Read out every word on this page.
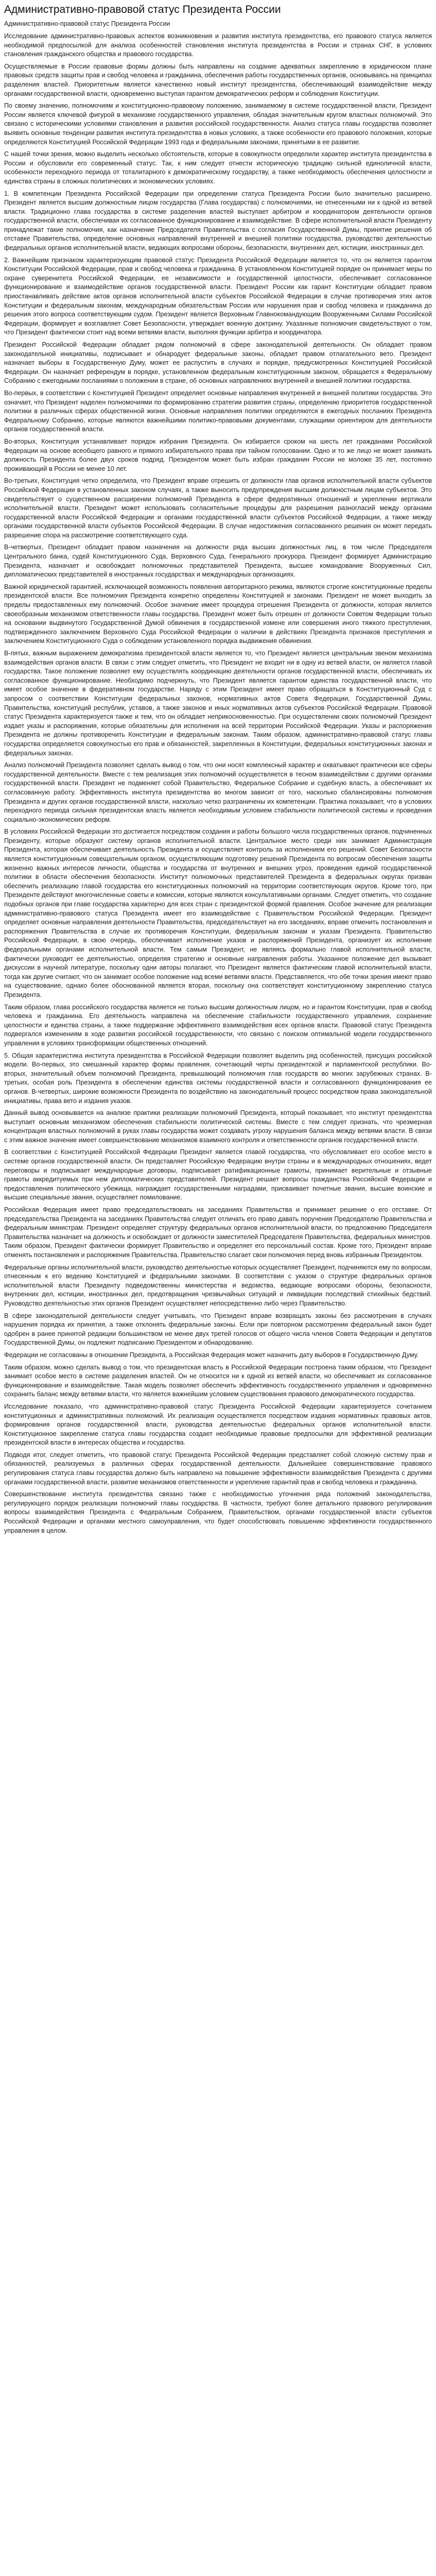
Административно-правовой статус Президента России
Административно-правовой статус Президента России

Исследование административно-правовых аспектов возникновения и развития института президентства, его правового статуса является необходимой предпосылкой для анализа особенностей становления института президентства в России и странах СНГ, в условиях становления гражданского общества и правового государства.

Осуществляемые в России правовые формы должны быть направлены на создание адекватных закреплению в юридическом плане правовых средств защиты прав и свобод человека и гражданина, обеспечения работы государственных органов, основываясь на принципах разделения властей. Приоритетным является качественно новый институт президентства, обеспечивающий взаимодействие между органами государственной власти, одновременно выступая гарантом демократических реформ и соблюдения Конституции.

По своему значению, полномочиям и конституционно-правовому положению, занимаемому в системе государственной власти, Президент России является ключевой фигурой в механизме государственного управления, обладая значительным кругом властных полномочий. Это связано с историческими условиями становления и развития российской государственности. Анализ статуса главы государства позволяет выявить основные тенденции развития института президентства в новых условиях, а также особенности его правового положения, которые определяются Конституцией Российской Федерации 1993 года и федеральными законами, принятыми в ее развитие.

С нашей точки зрения, можно выделить несколько обстоятельств, которые в совокупности определили характер института президентства в России и обусловили его современный статус. Так, к ним следует отнести историческую традицию сильной единоличной власти, особенности переходного периода от тоталитарного к демократическому государству, а также необходимость обеспечения целостности и единства страны в сложных политических и экономических условиях.

1. В компетенции Президента Российской Федерации при определении статуса Президента России было значительно расширено. Президент является высшим должностным лицом государства (Глава государства) с полномочиями, не отнесенными ни к одной из ветвей власти. Традиционно глава государства в системе разделения властей выступает арбитром и координатором деятельности органов государственной власти, обеспечивая их согласованное функционирование и взаимодействие. В сфере исполнительной власти Президенту принадлежат такие полномочия, как назначение Председателя Правительства с согласия Государственной Думы, принятие решения об отставке Правительства, определение основных направлений внутренней и внешней политики государства, руководство деятельностью федеральных органов исполнительной власти, ведающих вопросами обороны, безопасности, внутренних дел, юстиции, иностранных дел.

2. Важнейшим признаком характеризующим правовой статус Президента Российской Федерации является то, что он является гарантом Конституции Российской Федерации, прав и свобод человека и гражданина. В установленном Конституцией порядке он принимает меры по охране суверенитета Российской Федерации, ее независимости и государственной целостности, обеспечивает согласованное функционирование и взаимодействие органов государственной власти. Президент России как гарант Конституции обладает правом приостанавливать действие актов органов исполнительной власти субъектов Российской Федерации в случае противоречия этих актов Конституции и федеральным законам, международным обязательствам России или нарушения прав и свобод человека и гражданина до решения этого вопроса соответствующим судом. Президент является Верховным Главнокомандующим Вооруженными Силами Российской Федерации, формирует и возглавляет Совет Безопасности, утверждает военную доктрину. Указанные полномочия свидетельствуют о том, что Президент фактически стоит над всеми ветвями власти, выполняя функции арбитра и координатора.

Президент Российской Федерации обладает рядом полномочий в сфере законодательной деятельности. Он обладает правом законодательной инициативы, подписывает и обнародует федеральные законы, обладает правом отлагательного вето. Президент назначает выборы в Государственную Думу, может ее распустить в случаях и порядке, предусмотренных Конституцией Российской Федерации. Он назначает референдум в порядке, установленном федеральным конституционным законом, обращается к Федеральному Собранию с ежегодными посланиями о положении в стране, об основных направлениях внутренней и внешней политики государства.

Во-первых, в соответствии с Конституцией Президент определяет основные направления внутренней и внешней политики государства. Это означает, что Президент наделен полномочиями по формированию стратегии развития страны, определению приоритетов государственной политики в различных сферах общественной жизни. Основные направления политики определяются в ежегодных посланиях Президента Федеральному Собранию, которые являются важнейшими политико-правовыми документами, служащими ориентиром для деятельности органов государственной власти.

Во-вторых, Конституция устанавливает порядок избрания Президента. Он избирается сроком на шесть лет гражданами Российской Федерации на основе всеобщего равного и прямого избирательного права при тайном голосовании. Одно и то же лицо не может занимать должность Президента более двух сроков подряд. Президентом может быть избран гражданин России не моложе 35 лет, постоянно проживающий в России не менее 10 лет.

Во-третьих, Конституция четко определила, что Президент вправе отрешить от должности глав органов исполнительной власти субъектов Российской Федерации в установленных законом случаях, а также выносить предупреждения высшим должностным лицам субъектов. Это свидетельствует о существенном расширении полномочий Президента в сфере федеративных отношений и укреплении вертикали исполнительной власти. Президент может использовать согласительные процедуры для разрешения разногласий между органами государственной власти Российской Федерации и органами государственной власти субъектов Российской Федерации, а также между органами государственной власти субъектов Российской Федерации. В случае недостижения согласованного решения он может передать разрешение спора на рассмотрение соответствующего суда.

В-четвертых, Президент обладает правом назначения на должности ряда высших должностных лиц, в том числе Председателя Центрального банка, судей Конституционного Суда, Верховного Суда, Генерального прокурора. Президент формирует Администрацию Президента, назначает и освобождает полномочных представителей Президента, высшее командование Вооруженных Сил, дипломатических представителей в иностранных государствах и международных организациях.

Важной юридической гарантией, исключающей возможность появления авторитарного режима, являются строгие конституционные пределы президентской власти. Все полномочия Президента конкретно определены Конституцией и законами. Президент не может выходить за пределы предоставленных ему полномочий. Особое значение имеет процедура отрешения Президента от должности, которая является своеобразным механизмом ответственности главы государства. Президент может быть отрешен от должности Советом Федерации только на основании выдвинутого Государственной Думой обвинения в государственной измене или совершения иного тяжкого преступления, подтвержденного заключением Верховного Суда Российской Федерации о наличии в действиях Президента признаков преступления и заключением Конституционного Суда о соблюдении установленного порядка выдвижения обвинения.

В-пятых, важным выражением демократизма президентской власти является то, что Президент является центральным звеном механизма взаимодействия органов власти. В связи с этим следует отметить, что Президент не входит ни в одну из ветвей власти, он является главой государства. Такое положение позволяет ему осуществлять координацию деятельности органов государственной власти, обеспечивать их согласованное функционирование. Необходимо подчеркнуть, что Президент является гарантом единства государственной власти, что имеет особое значение в федеративном государстве. Наряду с этим Президент имеет право обращаться в Конституционный Суд с запросом о соответствии Конституции федеральных законов, нормативных актов Совета Федерации, Государственной Думы, Правительства, конституций республик, уставов, а также законов и иных нормативных актов субъектов Российской Федерации. Правовой статус Президента характеризуется также и тем, что он обладает неприкосновенностью. При осуществлении своих полномочий Президент издает указы и распоряжения, которые обязательны для исполнения на всей территории Российской Федерации. Указы и распоряжения Президента не должны противоречить Конституции и федеральным законам. Таким образом, административно-правовой статус главы государства определяется совокупностью его прав и обязанностей, закрепленных в Конституции, федеральных конституционных законах и федеральных законах.

Анализ полномочий Президента позволяет сделать вывод о том, что они носят комплексный характер и охватывают практически все сферы государственной деятельности. Вместе с тем реализация этих полномочий осуществляется в тесном взаимодействии с другими органами государственной власти. Президент не подменяет собой Правительство, Федеральное Собрание и судебную власть, а обеспечивает их согласованную работу. Эффективность института президентства во многом зависит от того, насколько сбалансированы полномочия Президента и других органов государственной власти, насколько четко разграничены их компетенции. Практика показывает, что в условиях переходного периода сильная президентская власть является необходимым условием стабильности политической системы и проведения социально-экономических реформ.

В условиях Российской Федерации это достигается посредством создания и работы большого числа государственных органов, подчиненных Президенту, которые образуют систему органов исполнительной власти. Центральное место среди них занимает Администрация Президента, которая обеспечивает деятельность Президента и осуществляет контроль за исполнением его решений. Совет Безопасности является конституционным совещательным органом, осуществляющим подготовку решений Президента по вопросам обеспечения защиты жизненно важных интересов личности, общества и государства от внутренних и внешних угроз, проведения единой государственной политики в области обеспечения безопасности. Институт полномочных представителей Президента в федеральных округах призван обеспечить реализацию главой государства его конституционных полномочий на территории соответствующих округов. Кроме того, при Президенте действуют многочисленные советы и комиссии, которые являются консультативными органами. Следует отметить, что создание подобных органов при главе государства характерно для всех стран с президентской формой правления. Особое значение для реализации административно-правового статуса Президента имеет его взаимодействие с Правительством Российской Федерации. Президент определяет основные направления деятельности Правительства, председательствует на его заседаниях, вправе отменить постановления и распоряжения Правительства в случае их противоречия Конституции, федеральным законам и указам Президента. Правительство Российской Федерации, в свою очередь, обеспечивает исполнение указов и распоряжений Президента, организует их исполнение федеральными органами исполнительной власти. Тем самым Президент, не являясь формально главой исполнительной власти, фактически руководит ее деятельностью, определяя стратегию и основные направления работы. Указанное положение дел вызывает дискуссии в научной литературе, поскольку одни авторы полагают, что Президент является фактическим главой исполнительной власти, тогда как другие считают, что он занимает особое положение над всеми ветвями власти. Представляется, что обе точки зрения имеют право на существование, однако более обоснованной является вторая, поскольку она соответствует конституционному закреплению статуса Президента.

Таким образом, глава российского государства является не только высшим должностным лицом, но и гарантом Конституции, прав и свобод человека и гражданина. Его деятельность направлена на обеспечение стабильности государственного управления, сохранение целостности и единства страны, а также поддержание эффективного взаимодействия всех органов власти. Правовой статус Президента подвергался изменениям в ходе развития российской государственности, что связано с поиском оптимальной модели государственного управления в условиях трансформации общественных отношений.

5. Общая характеристика института президентства в Российской Федерации позволяет выделить ряд особенностей, присущих российской модели. Во-первых, это смешанный характер формы правления, сочетающий черты президентской и парламентской республики. Во-вторых, значительный объем полномочий Президента, превышающий полномочия глав государств во многих зарубежных странах. В-третьих, особая роль Президента в обеспечении единства системы государственной власти и согласованного функционирования ее органов. В-четвертых, широкие возможности Президента по воздействию на законодательный процесс посредством права законодательной инициативы, права вето и издания указов.

Данный вывод основывается на анализе практики реализации полномочий Президента, который показывает, что институт президентства выступает основным механизмом обеспечения стабильности политической системы. Вместе с тем следует признать, что чрезмерная концентрация властных полномочий в руках главы государства может создавать угрозу нарушения баланса между ветвями власти. В связи с этим важное значение имеет совершенствование механизмов взаимного контроля и ответственности органов государственной власти.

В соответствии с Конституцией Российской Федерации Президент является главой государства, что обусловливает его особое место в системе органов государственной власти. Он представляет Российскую Федерацию внутри страны и в международных отношениях, ведет переговоры и подписывает международные договоры, подписывает ратификационные грамоты, принимает верительные и отзывные грамоты аккредитуемых при нем дипломатических представителей. Президент решает вопросы гражданства Российской Федерации и предоставления политического убежища, награждает государственными наградами, присваивает почетные звания, высшие воинские и высшие специальные звания, осуществляет помилование.

Российская Федерация имеет право председательствовать на заседаниях Правительства и принимает решение о его отставке. От председательства Президента на заседаниях Правительства следует отличать его право давать поручения Председателю Правительства и федеральным министрам. Президент определяет структуру федеральных органов исполнительной власти, по предложению Председателя Правительства назначает на должность и освобождает от должности заместителей Председателя Правительства, федеральных министров. Таким образом, Президент фактически формирует Правительство и определяет его персональный состав. Кроме того, Президент вправе отменять постановления и распоряжения Правительства. Правительство слагает свои полномочия перед вновь избранным Президентом.

Федеральные органы исполнительной власти, руководство деятельностью которых осуществляет Президент, подчиняются ему по вопросам, отнесенным к его ведению Конституцией и федеральными законами. В соответствии с указом о структуре федеральных органов исполнительной власти Президенту подведомственны министерства и ведомства, ведающие вопросами обороны, безопасности, внутренних дел, юстиции, иностранных дел, предотвращения чрезвычайных ситуаций и ликвидации последствий стихийных бедствий. Руководство деятельностью этих органов Президент осуществляет непосредственно либо через Правительство.

В сфере законодательной деятельности следует учитывать, что Президент вправе возвращать законы без рассмотрения в случаях нарушения порядка их принятия, а также отклонять федеральные законы. Если при повторном рассмотрении федеральный закон будет одобрен в ранее принятой редакции большинством не менее двух третей голосов от общего числа членов Совета Федерации и депутатов Государственной Думы, он подлежит подписанию Президентом и обнародованию.

Федерации не согласованы в отношении Президента, а Российская Федерация может назначить дату выборов в Государственную Думу.

Таким образом, можно сделать вывод о том, что президентская власть в Российской Федерации построена таким образом, что Президент занимает особое место в системе разделения властей. Он не относится ни к одной из ветвей власти, но обеспечивает их согласованное функционирование и взаимодействие. Такая модель позволяет обеспечить эффективность государственного управления и одновременно сохранить баланс между ветвями власти, что является важнейшим условием существования правового демократического государства.

Исследование показало, что административно-правовой статус Президента Российской Федерации характеризуется сочетанием конституционных и административных полномочий. Их реализация осуществляется посредством издания нормативных правовых актов, формирования органов государственной власти, руководства деятельностью федеральных органов исполнительной власти. Конституционное закрепление статуса главы государства создает необходимые правовые предпосылки для эффективной реализации президентской власти в интересах общества и государства.

Подводя итог, следует отметить, что правовой статус Президента Российской Федерации представляет собой сложную систему прав и обязанностей, реализуемых в различных сферах государственной деятельности. Дальнейшее совершенствование правового регулирования статуса главы государства должно быть направлено на повышение эффективности взаимодействия Президента с другими органами государственной власти, развитие механизмов ответственности и укрепление гарантий прав и свобод человека и гражданина.

Совершенствование института президентства связано также с необходимостью уточнения ряда положений законодательства, регулирующего порядок реализации полномочий главы государства. В частности, требуют более детального правового регулирования вопросы взаимодействия Президента с Федеральным Собранием, Правительством, органами государственной власти субъектов Российской Федерации и органами местного самоуправления, что будет способствовать повышению эффективности государственного управления в целом.
